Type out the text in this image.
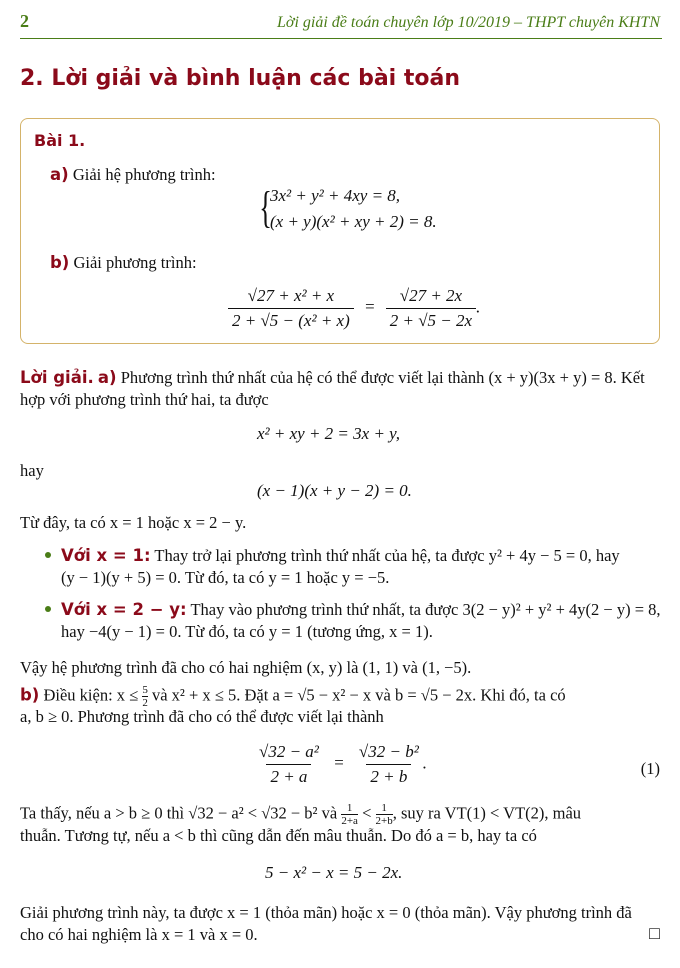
2	Lời giải đề toán chuyên lớp 10/2019 – THPT chuyên KHTN
2. Lời giải và bình luận các bài toán
Bài 1.
a) Giải hệ phương trình:
{
3x² + y² + 4xy = 8,
(x + y)(x² + xy + 2) = 8.
b) Giải phương trình:
$\frac{\text{√27 + x² + x}}{\text{2 + √5 − (x² + x)}} = \frac{√27 + 2x}{2 + √5 - 2x}$ .
Lời giải. a) Phương trình thứ nhất của hệ có thể được viết lại thành (x + y)(3x + y) = 8. Kết
hợp với phương trình thứ hai, ta được
x² + xy + 2 = 3x + y,
hay
(x − 1)(x + y − 2) = 0.
Từ đây, ta có x = 1 hoặc x = 2 − y.
Với x = 1: Thay trở lại phương trình thứ nhất của hệ, ta được y² + 4y − 5 = 0, hay
(y − 1)(y + 5) = 0. Từ đó, ta có y = 1 hoặc y = −5.
Với x = 2 − y: Thay vào phương trình thứ nhất, ta được 3(2 − y)² + y² + 4y(2 − y) = 8,
hay −4(y − 1) = 0. Từ đó, ta có y = 1 (tương ứng, x = 1).
Vậy hệ phương trình đã cho có hai nghiệm (x, y) là (1, 1) và (1, −5).
b) Điều kiện: $x \le \frac{5}{2}$ và x² + x ≤ 5. Đặt a = √5 − x² − x và b = √5 − 2x. Khi đó, ta có
a, b ≥ 0. Phương trình đã cho có thể được viết lại thành
$\frac{\text{√32 − a²}}{2 + a} = \frac{\text{√32 − b²}}{2 + b}$ .	(1)
Ta thấy, nếu a > b ≥ 0 thì √32 − a² < √32 − b² và $\frac{1}{2+a} < \frac{1}{2+b}$ , suy ra VT(1) < VT(2), mâu
thuẫn. Tương tự, nếu a < b thì cũng dẫn đến mâu thuẫn. Do đó a = b, hay ta có
5 − x² − x = 5 − 2x.
Giải phương trình này, ta được x = 1 (thỏa mãn) hoặc x = 0 (thỏa mãn). Vậy phương trình đã
cho có hai nghiệm là x = 1 và x = 0.	□
